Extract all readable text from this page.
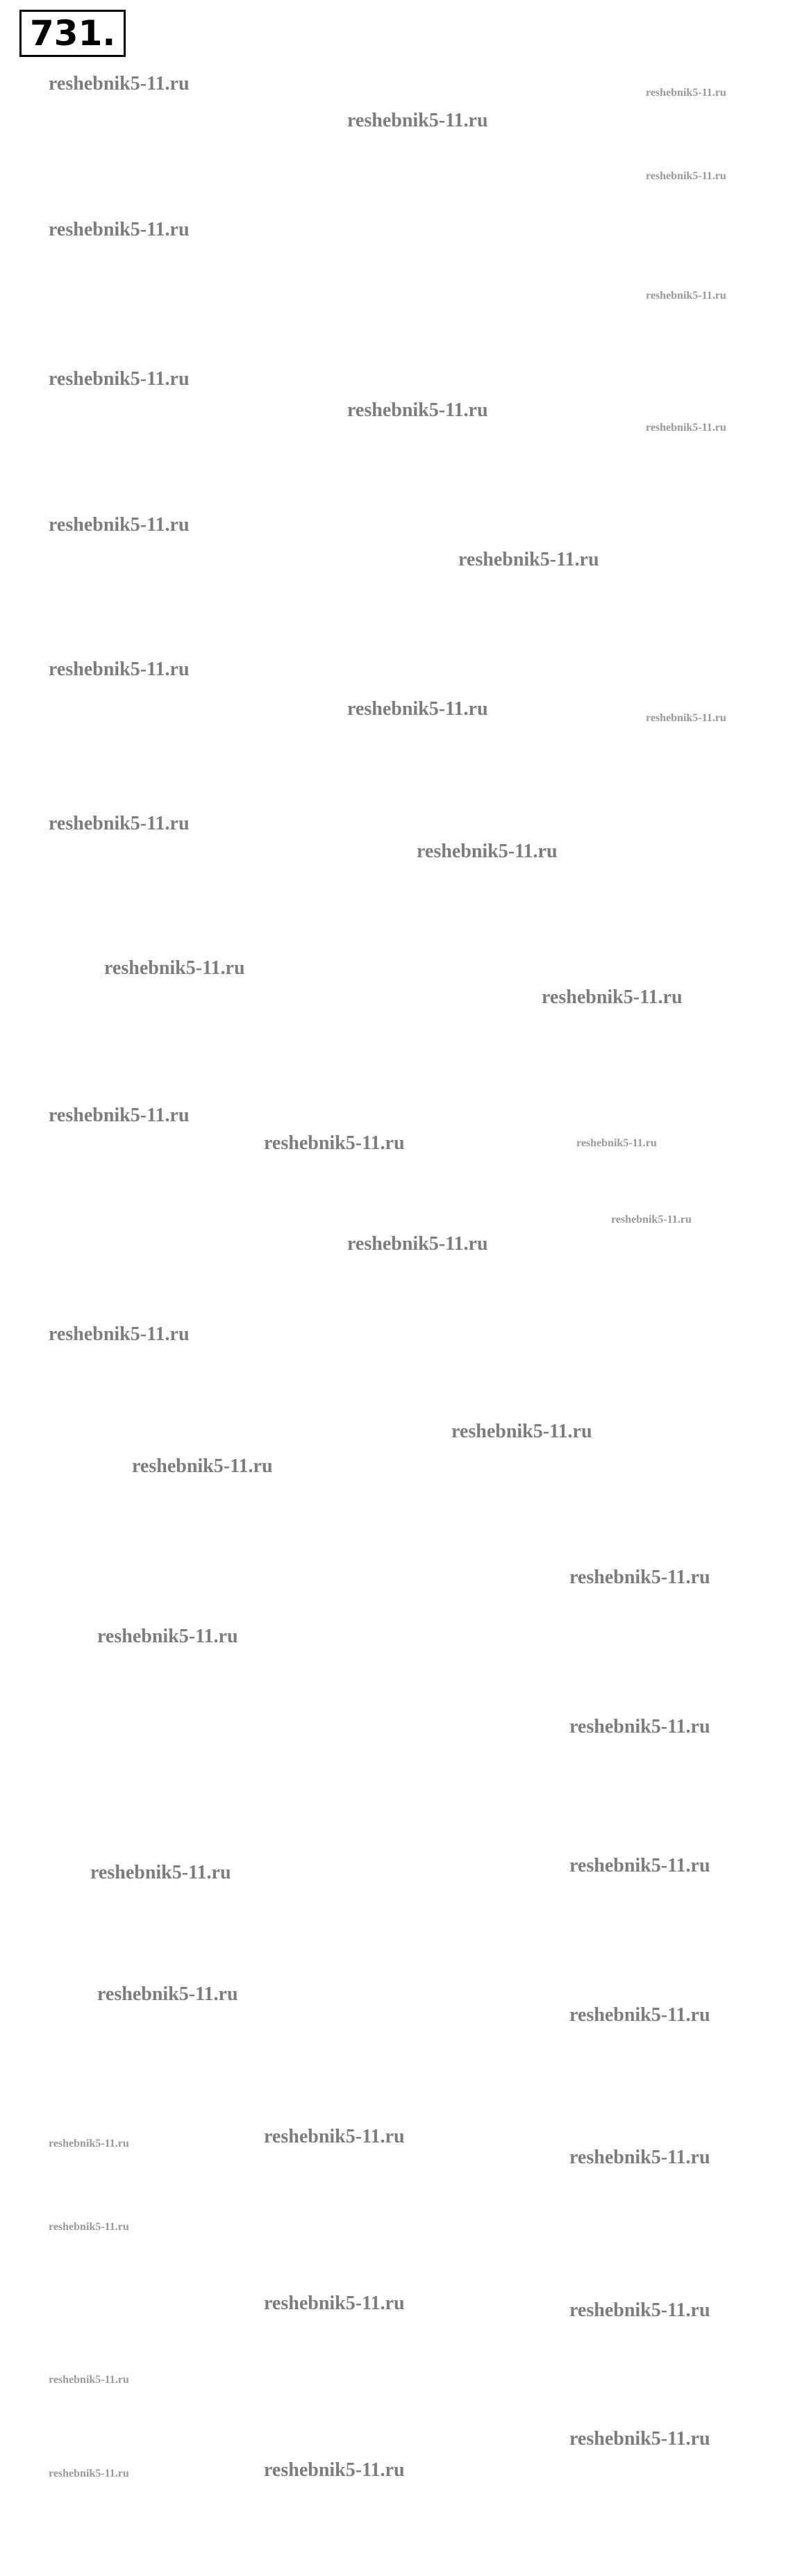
731.
reshebnik5-11.ru	reshebnik5-11.ru
reshebnik5-11.ru
reshebnik5-11.ru
reshebnik5-11.ru
reshebnik5-11.ru
reshebnik5-11.ru
reshebnik5-11.ru
reshebnik5-11.ru
reshebnik5-11.ru
reshebnik5-11.ru
reshebnik5-11.ru
reshebnik5-11.ru	reshebnik5-11.ru
reshebnik5-11.ru
reshebnik5-11.ru
reshebnik5-11.ru
reshebnik5-11.ru
reshebnik5-11.ru
reshebnik5-11.ru	reshebnik5-11.ru
reshebnik5-11.ru
reshebnik5-11.ru
reshebnik5-11.ru
reshebnik5-11.ru
reshebnik5-11.ru
reshebnik5-11.ru
reshebnik5-11.ru
reshebnik5-11.ru
reshebnik5-11.ru	reshebnik5-11.ru
reshebnik5-11.ru
reshebnik5-11.ru
reshebnik5-11.ru	reshebnik5-11.ru
reshebnik5-11.ru
reshebnik5-11.ru
reshebnik5-11.ru	reshebnik5-11.ru
reshebnik5-11.ru
reshebnik5-11.ru
reshebnik5-11.ru	reshebnik5-11.ru
